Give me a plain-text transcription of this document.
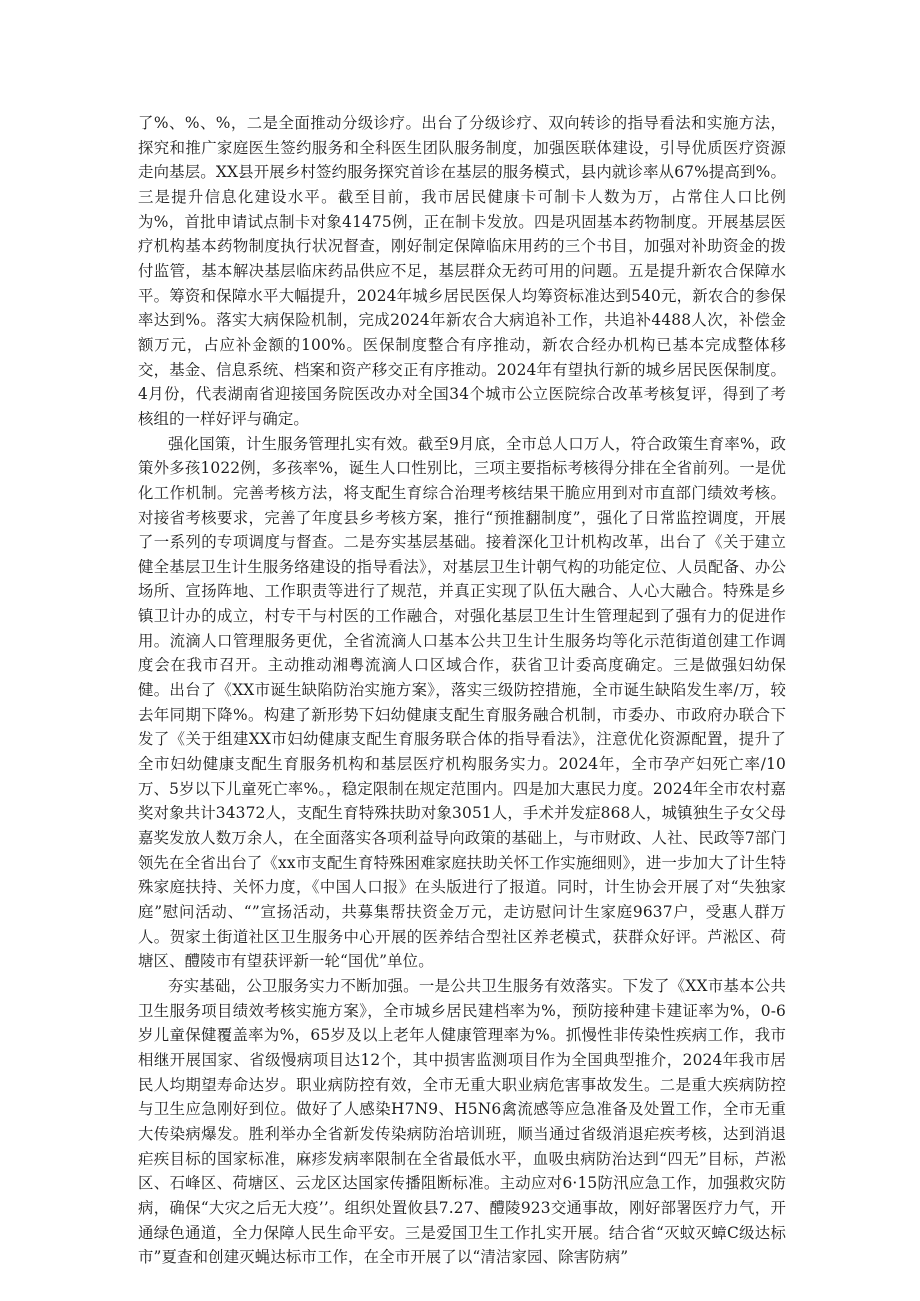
了%、%、%，二是全面推动分级诊疗。出台了分级诊疗、双向转诊的指导看法和实施方法，探究和推广家庭医生签约服务和全科医生团队服务制度，加强医联体建设，引导优质医疗资源走向基层。XX县开展乡村签约服务探究首诊在基层的服务模式，县内就诊率从67%提高到%。三是提升信息化建设水平。截至目前，我市居民健康卡可制卡人数为万，占常住人口比例为%，首批申请试点制卡对象41475例，正在制卡发放。四是巩固基本药物制度。开展基层医疗机构基本药物制度执行状况督查，刚好制定保障临床用药的三个书目，加强对补助资金的拨付监管，基本解决基层临床药品供应不足，基层群众无药可用的问题。五是提升新农合保障水平。筹资和保障水平大幅提升，2024年城乡居民医保人均筹资标准达到540元，新农合的参保率达到%。落实大病保险机制，完成2024年新农合大病追补工作，共追补4488人次，补偿金额万元，占应补金额的100%。医保制度整合有序推动，新农合经办机构已基本完成整体移交，基金、信息系统、档案和资产移交正有序推动。2024年有望执行新的城乡居民医保制度。4月份，代表湖南省迎接国务院医改办对全国34个城市公立医院综合改革考核复评，得到了考核组的一样好评与确定。

强化国策，计生服务管理扎实有效。截至9月底，全市总人口万人，符合政策生育率%，政策外多孩1022例，多孩率%，诞生人口性别比，三项主要指标考核得分排在全省前列。一是优化工作机制。完善考核方法，将支配生育综合治理考核结果干脆应用到对市直部门绩效考核。对接省考核要求，完善了年度县乡考核方案，推行“预推翻制度”，强化了日常监控调度，开展了一系列的专项调度与督查。二是夯实基层基础。接着深化卫计机构改革，出台了《关于建立健全基层卫生计生服务络建设的指导看法》，对基层卫生计朝气构的功能定位、人员配备、办公场所、宣扬阵地、工作职责等进行了规范，并真正实现了队伍大融合、人心大融合。特殊是乡镇卫计办的成立，村专干与村医的工作融合，对强化基层卫生计生管理起到了强有力的促进作用。流滴人口管理服务更优，全省流滴人口基本公共卫生计生服务均等化示范街道创建工作调度会在我市召开。主动推动湘粤流滴人口区域合作，获省卫计委高度确定。三是做强妇幼保健。出台了《XX市诞生缺陷防治实施方案》，落实三级防控措施，全市诞生缺陷发生率/万，较去年同期下降%。构建了新形势下妇幼健康支配生育服务融合机制，市委办、市政府办联合下发了《关于组建XX市妇幼健康支配生育服务联合体的指导看法》，注意优化资源配置，提升了全市妇幼健康支配生育服务机构和基层医疗机构服务实力。2024年，全市孕产妇死亡率/10万、5岁以下儿童死亡率%。，稳定限制在规定范围内。四是加大惠民力度。2024年全市农村嘉奖对象共计34372人，支配生育特殊扶助对象3051人，手术并发症868人，城镇独生子女父母嘉奖发放人数万余人，在全面落实各项利益导向政策的基础上，与市财政、人社、民政等7部门领先在全省出台了《xx市支配生育特殊困难家庭扶助关怀工作实施细则》，进一步加大了计生特殊家庭扶持、关怀力度，《中国人口报》在头版进行了报道。同时，计生协会开展了对“失独家庭”慰问活动、“”宣扬活动，共募集帮扶资金万元，走访慰问计生家庭9637户，受惠人群万人。贺家土街道社区卫生服务中心开展的医养结合型社区养老模式，获群众好评。芦淞区、荷塘区、醴陵市有望获评新一轮“国优”单位。

夯实基础，公卫服务实力不断加强。一是公共卫生服务有效落实。下发了《XX市基本公共卫生服务项目绩效考核实施方案》，全市城乡居民建档率为%，预防接种建卡建证率为%，0-6岁儿童保健覆盖率为%，65岁及以上老年人健康管理率为%。抓慢性非传染性疾病工作，我市相继开展国家、省级慢病项目达12个，其中损害监测项目作为全国典型推介，2024年我市居民人均期望寿命达岁。职业病防控有效，全市无重大职业病危害事故发生。二是重大疾病防控与卫生应急刚好到位。做好了人感染H7N9、H5N6禽流感等应急准备及处置工作，全市无重大传染病爆发。胜利举办全省新发传染病防治培训班，顺当通过省级消退疟疾考核，达到消退疟疾目标的国家标准，麻疹发病率限制在全省最低水平，血吸虫病防治达到“四无”目标，芦淞区、石峰区、荷塘区、云龙区达国家传播阻断标准。主动应对6·15防汛应急工作，加强救灾防病，确保“大灾之后无大疫’’。组织处置攸县7.27、醴陵923交通事故，刚好部署医疗力气，开通绿色通道，全力保障人民生命平安。三是爱国卫生工作扎实开展。结合省“灭蚊灭蟑C级达标市”夏查和创建灭蝇达标市工作，在全市开展了以“清洁家园、除害防病”
